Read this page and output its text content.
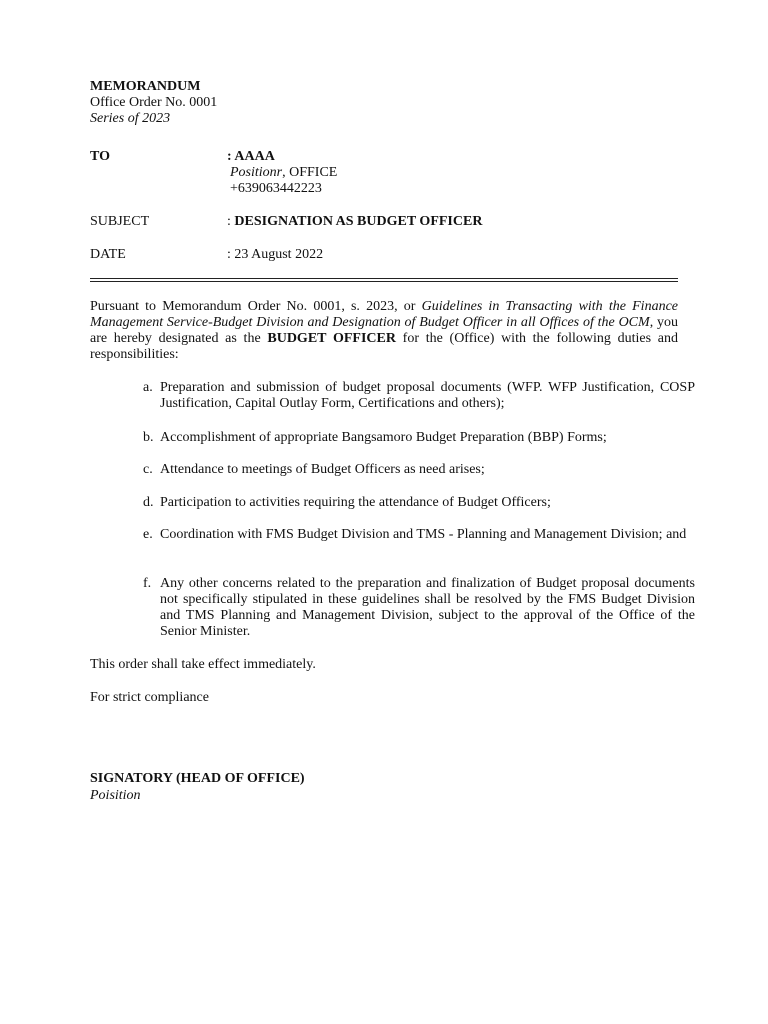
MEMORANDUM
Office Order No. 0001
Series of 2023
TO	: AAAA
Positionr, OFFICE
+639063442223
SUBJECT	: DESIGNATION AS BUDGET OFFICER
DATE	: 23 August 2022
Pursuant to Memorandum Order No. 0001, s. 2023, or Guidelines in Transacting with the Finance Management Service-Budget Division and Designation of Budget Officer in all Offices of the OCM, you are hereby designated as the BUDGET OFFICER for the (Office) with the following duties and responsibilities:
a. Preparation and submission of budget proposal documents (WFP. WFP Justification, COSP Justification, Capital Outlay Form, Certifications and others);
b. Accomplishment of appropriate Bangsamoro Budget Preparation (BBP) Forms;
c. Attendance to meetings of Budget Officers as need arises;
d. Participation to activities requiring the attendance of Budget Officers;
e. Coordination with FMS Budget Division and TMS - Planning and Management Division; and
f. Any other concerns related to the preparation and finalization of Budget proposal documents not specifically stipulated in these guidelines shall be resolved by the FMS Budget Division and TMS Planning and Management Division, subject to the approval of the Office of the Senior Minister.
This order shall take effect immediately.
For strict compliance
SIGNATORY (HEAD OF OFFICE)
Poisition
